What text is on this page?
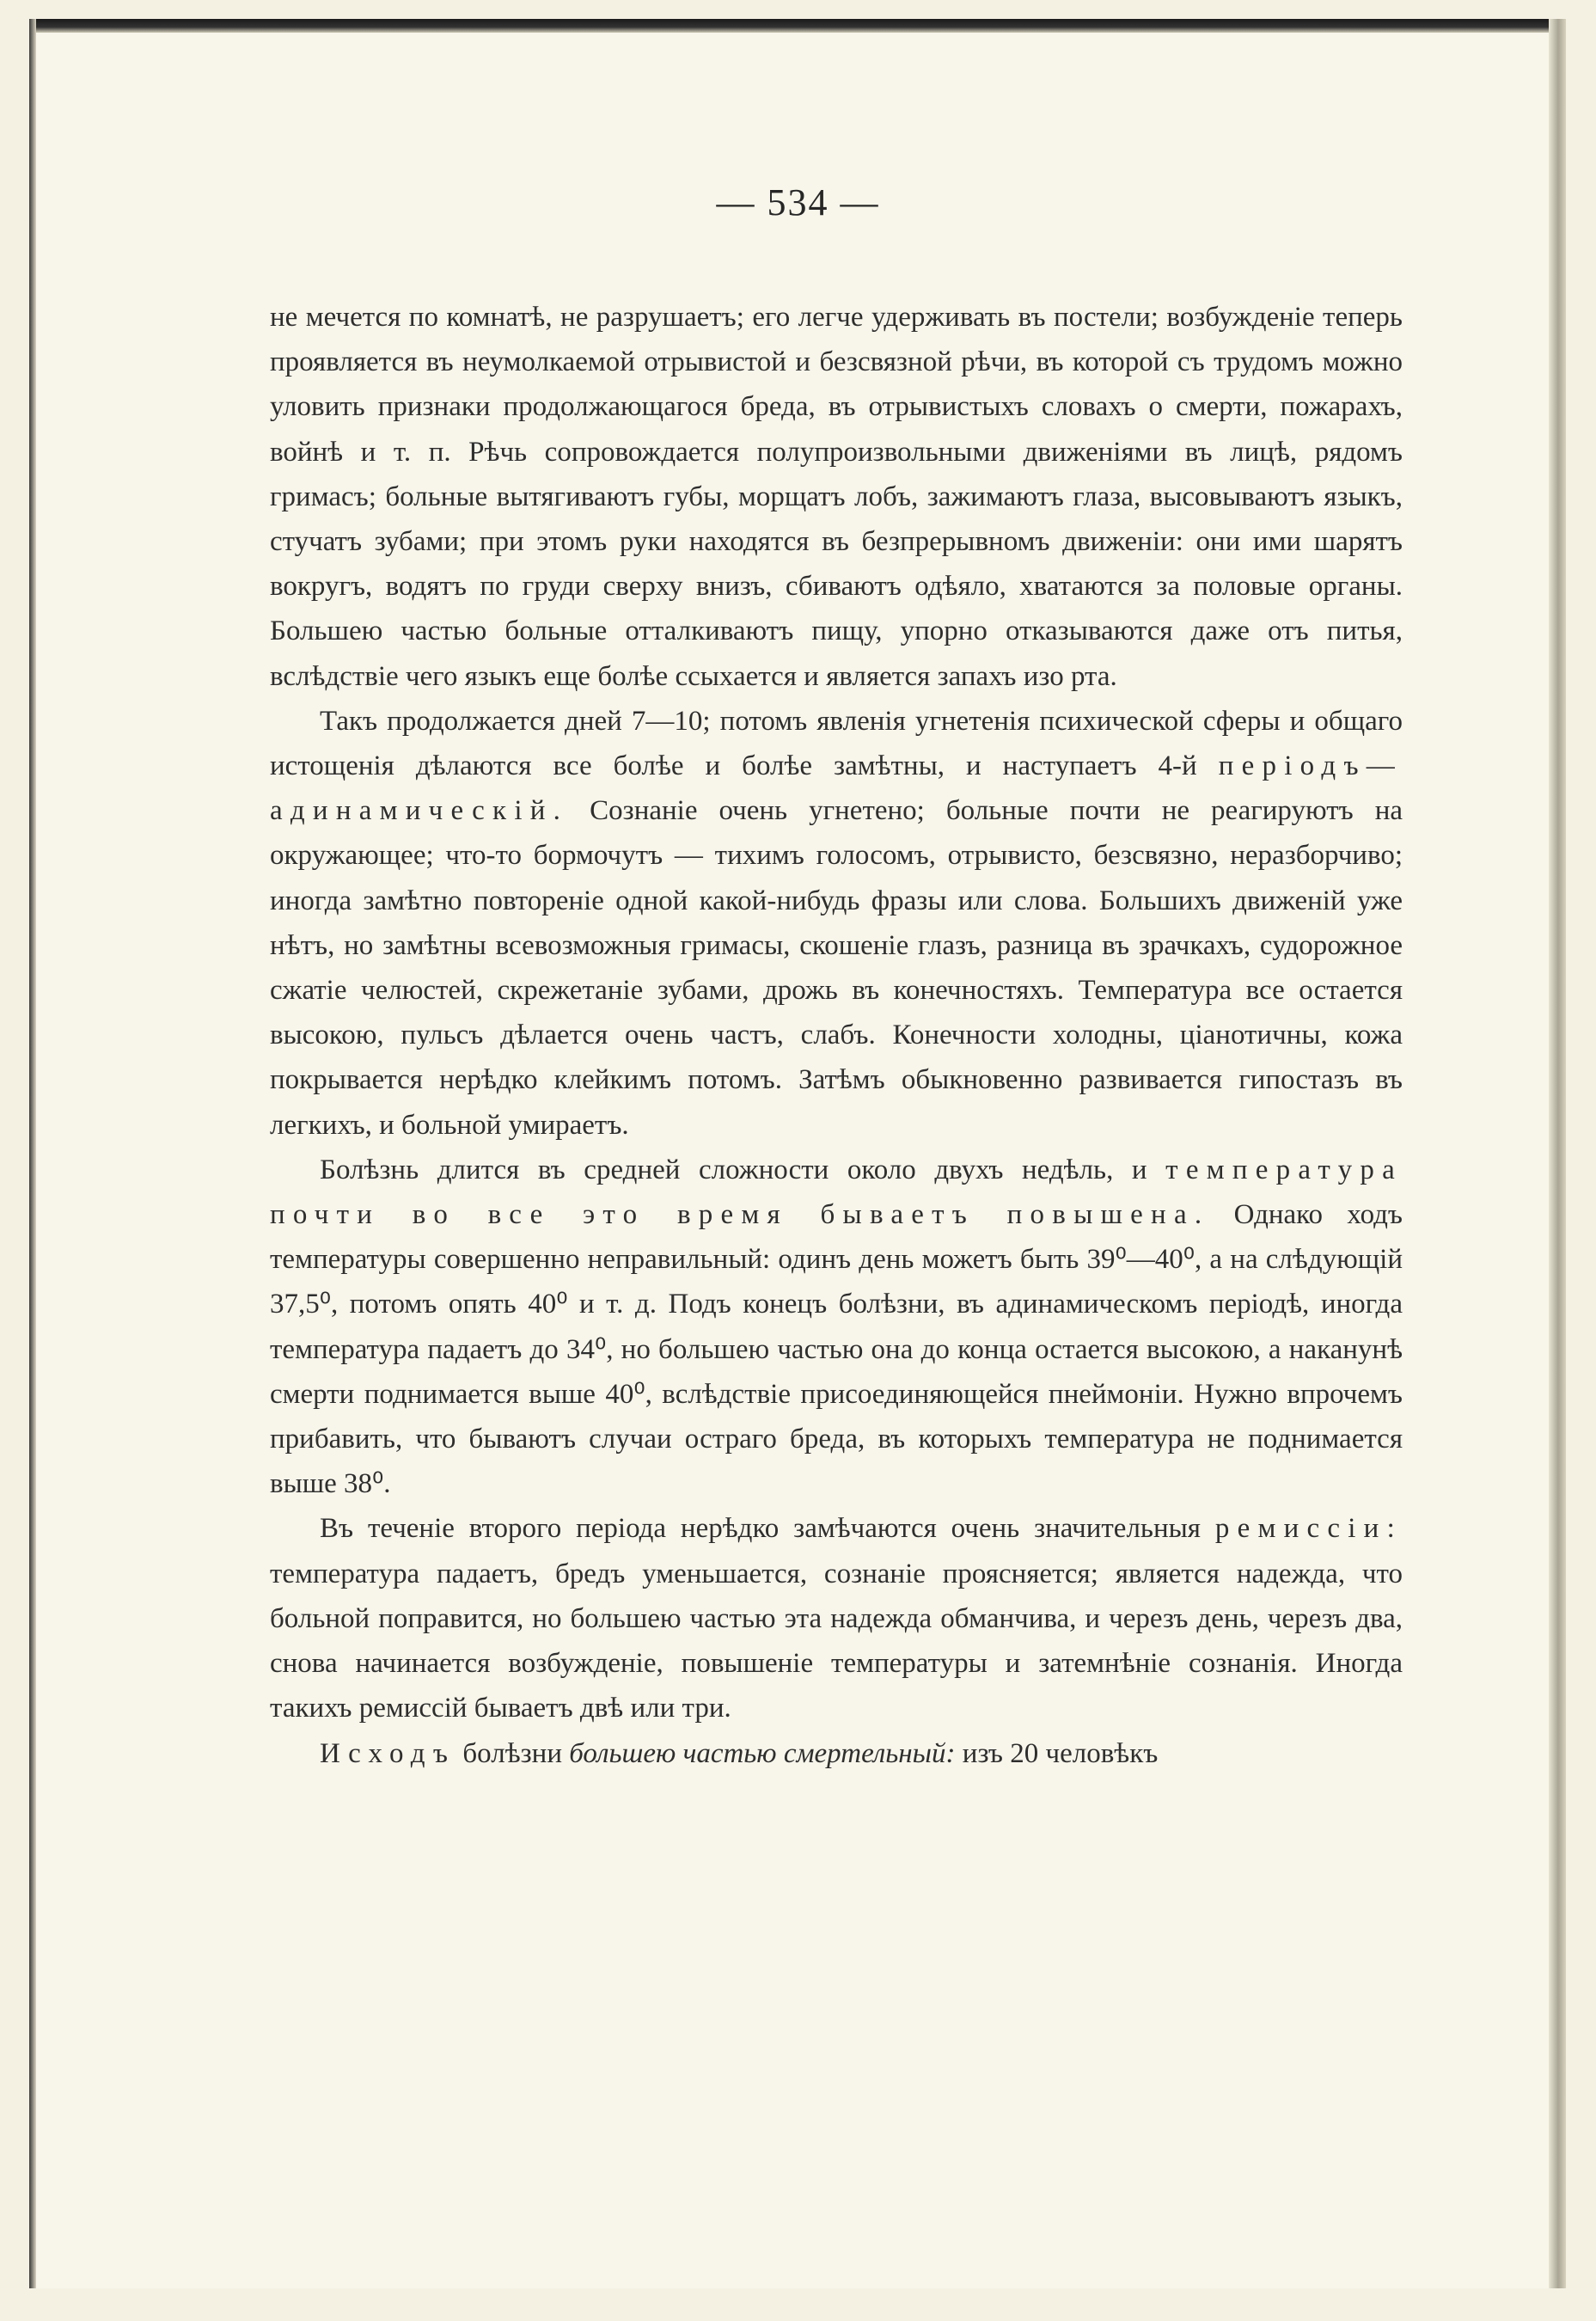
— 534 —

не мечется по комнатѣ, не разрушаетъ; его легче удерживать въ постели; возбужденіе теперь проявляется въ неумолкаемой отрывистой и безсвязной рѣчи, въ которой съ трудомъ можно уловить признаки продолжающагося бреда, въ отрывистыхъ словахъ о смерти, пожарахъ, войнѣ и т. п. Рѣчь сопровождается полупроизвольными движеніями въ лицѣ, рядомъ гримасъ; больные вытягиваютъ губы, морщатъ лобъ, зажимаютъ глаза, высовываютъ языкъ, стучатъ зубами; при этомъ руки находятся въ безпрерывномъ движеніи: они ими шарятъ вокругъ, водятъ по груди сверху внизъ, сбиваютъ одѣяло, хватаются за половые органы. Большею частью больные отталкиваютъ пищу, упорно отказываются даже отъ питья, вслѣдствіе чего языкъ еще болѣе ссыхается и является запахъ изо рта.

Такъ продолжается дней 7—10; потомъ явленія угнетенія психической сферы и общаго истощенія дѣлаются все болѣе и болѣе замѣтны, и наступаетъ 4-й періодъ—адинамическій. Сознаніе очень угнетено; больные почти не реагируютъ на окружающее; что-то бормочутъ — тихимъ голосомъ, отрывисто, безсвязно, неразборчиво; иногда замѣтно повтореніе одной какой-нибудь фразы или слова. Большихъ движеній уже нѣтъ, но замѣтны всевозможныя гримасы, скошеніе глазъ, разница въ зрачкахъ, судорожное сжатіе челюстей, скрежетаніе зубами, дрожь въ конечностяхъ. Температура все остается высокою, пульсъ дѣлается очень частъ, слабъ. Конечности холодны, ціанотичны, кожа покрывается нерѣдко клейкимъ потомъ. Затѣмъ обыкновенно развивается гипостазъ въ легкихъ, и больной умираетъ.

Болѣзнь длится въ средней сложности около двухъ недѣль, и температура почти во все это время бываетъ повышена. Однако ходъ температуры совершенно неправильный: одинъ день можетъ быть 39⁰—40⁰, а на слѣдующій 37,5⁰, потомъ опять 40⁰ и т. д. Подъ конецъ болѣзни, въ адинамическомъ періодѣ, иногда температура падаетъ до 34⁰, но большею частью она до конца остается высокою, а наканунѣ смерти поднимается выше 40⁰, вслѣдствіе присоединяющейся пнеймоніи. Нужно впрочемъ прибавить, что бываютъ случаи остраго бреда, въ которыхъ температура не поднимается выше 38⁰.

Въ теченіе второго періода нерѣдко замѣчаются очень значительныя ремиссіи: температура падаетъ, бредъ уменьшается, сознаніе проясняется; является надежда, что больной поправится, но большею частью эта надежда обманчива, и черезъ день, черезъ два, снова начинается возбужденіе, повышеніе температуры и затемнѣніе сознанія. Иногда такихъ ремиссій бываетъ двѣ или три.

Исходъ болѣзни большею частью смертельный: изъ 20 человѣкъ
